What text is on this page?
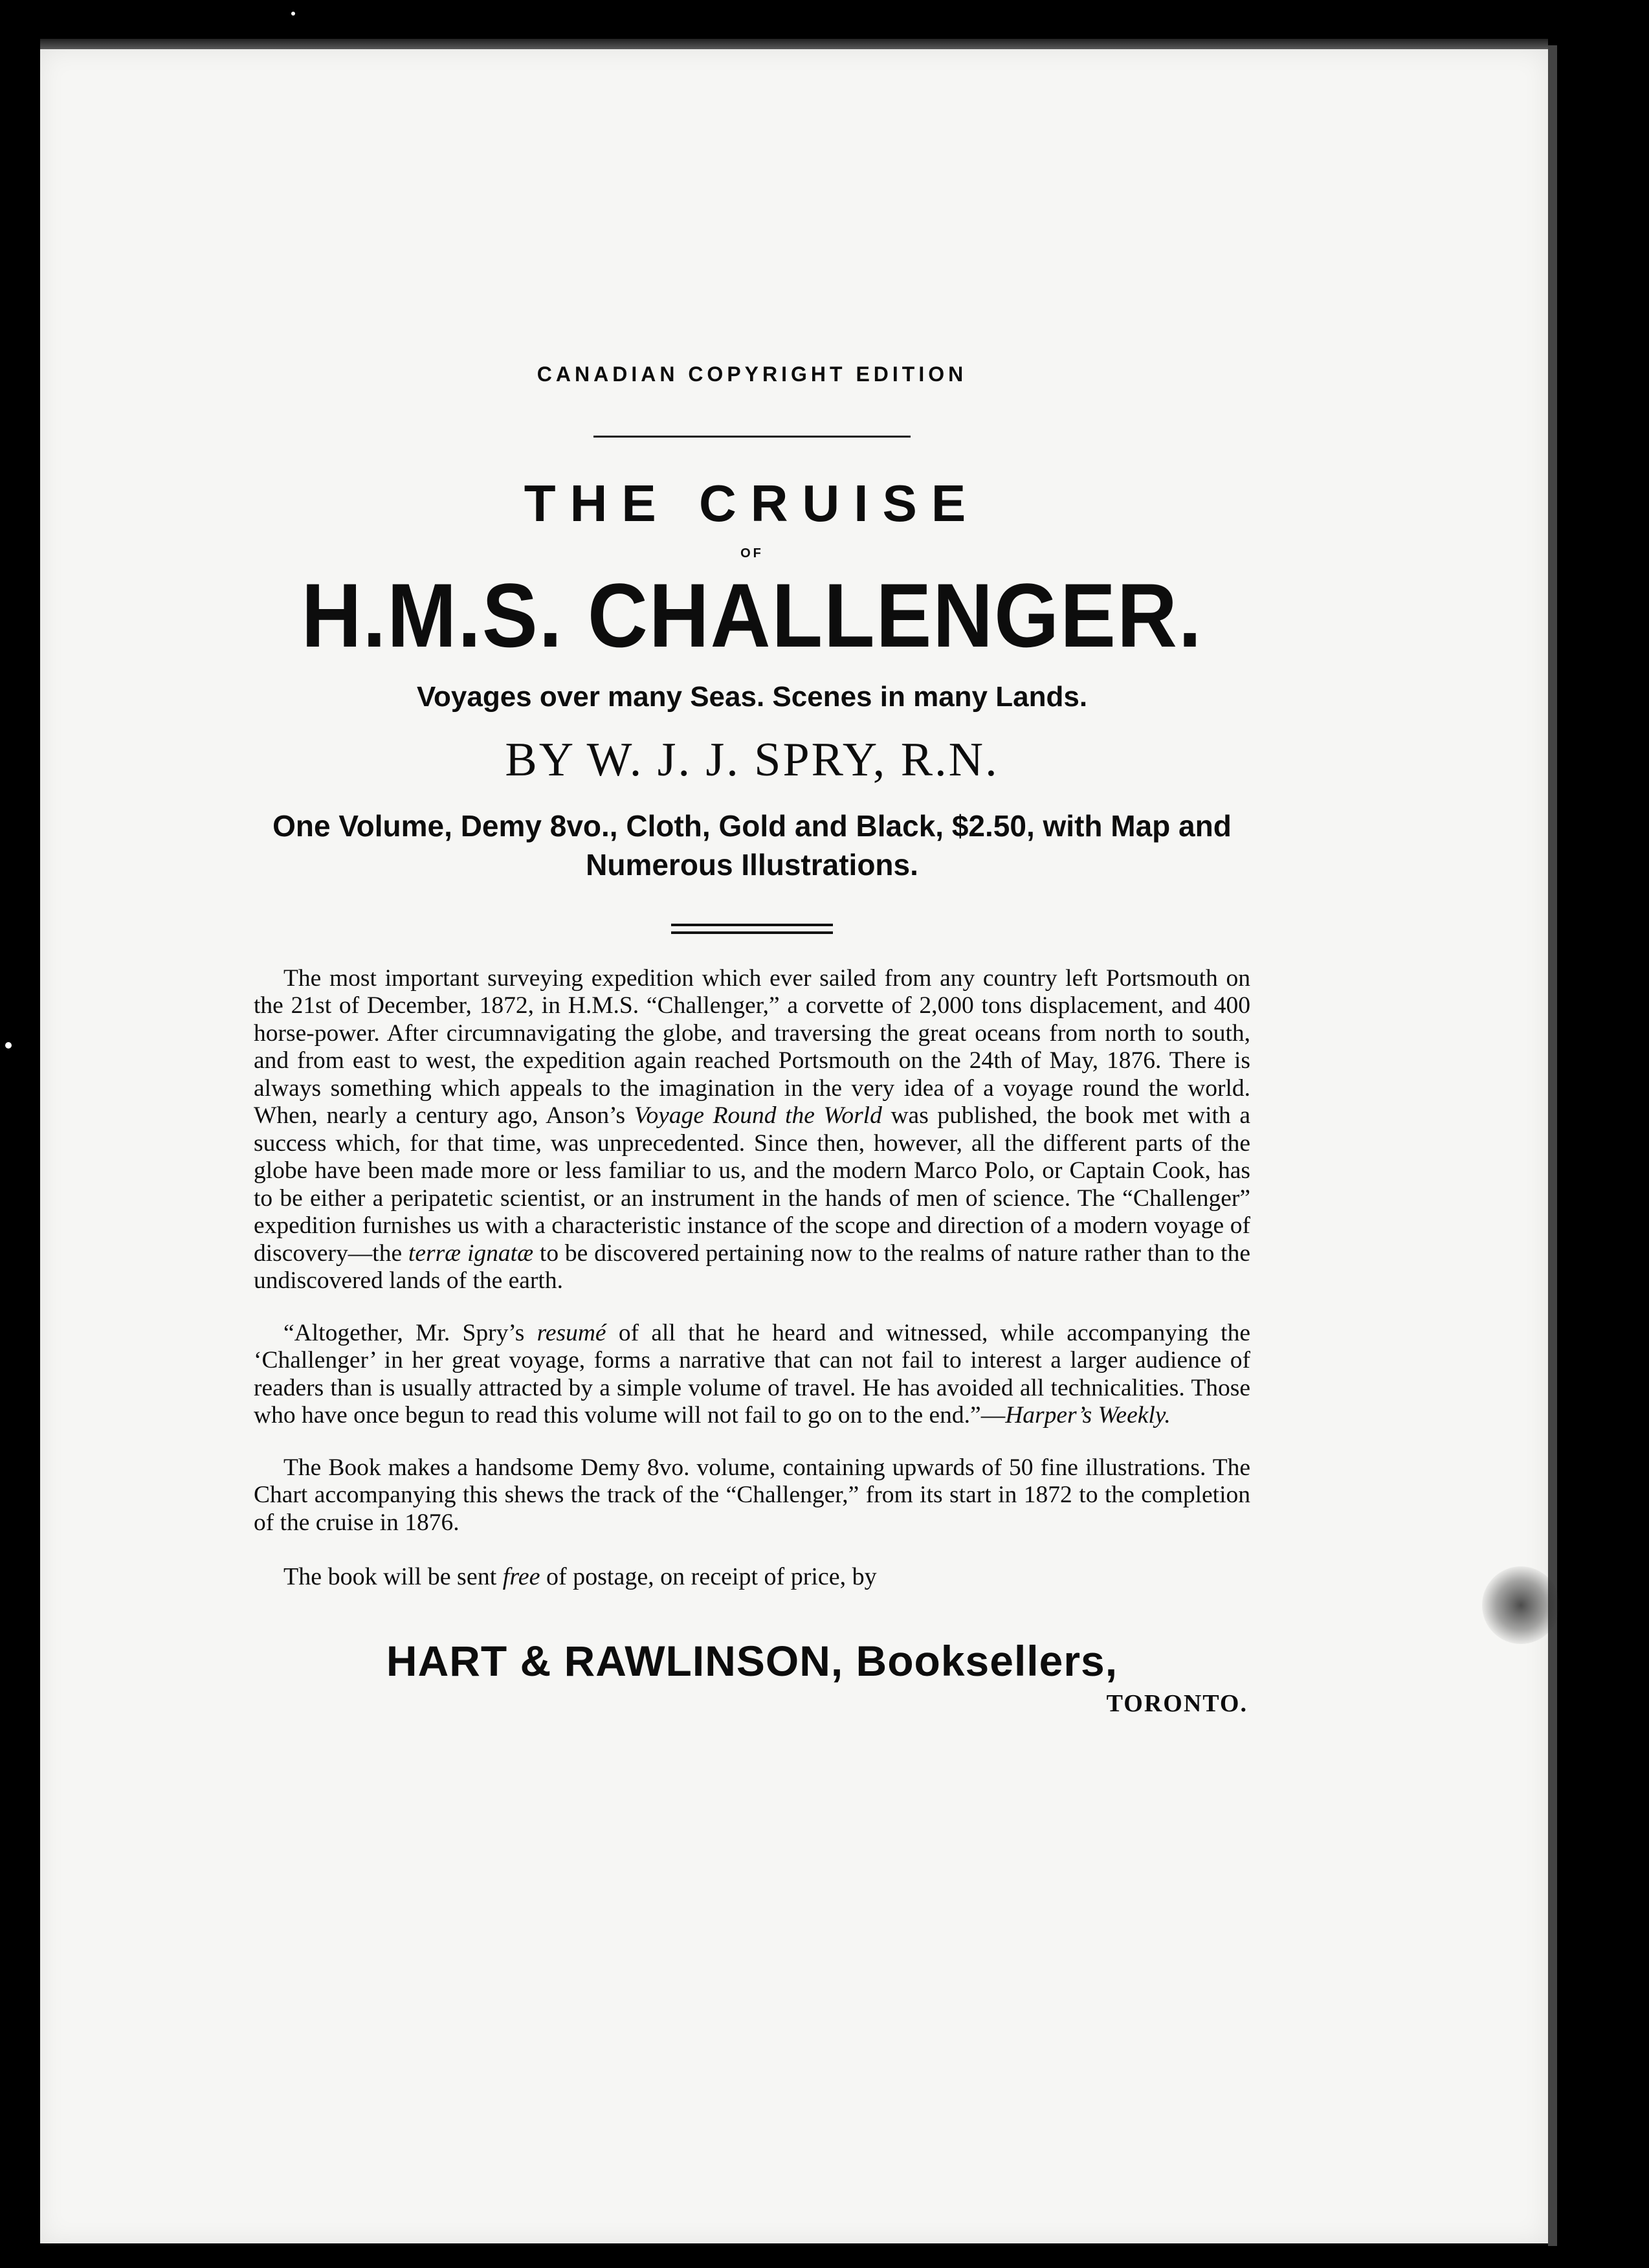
CANADIAN COPYRIGHT EDITION
THE CRUISE
OF
H.M.S. CHALLENGER.
Voyages over many Seas. Scenes in many Lands.
BY W. J. J. SPRY, R.N.
One Volume, Demy 8vo., Cloth, Gold and Black, $2.50, with Map and Numerous Illustrations.

The most important surveying expedition which ever sailed from any country left Portsmouth on the 21st of December, 1872, in H.M.S. “Challenger,” a corvette of 2,000 tons displacement, and 400 horse-power. After circumnavigating the globe, and traversing the great oceans from north to south, and from east to west, the expedition again reached Portsmouth on the 24th of May, 1876. There is always something which appeals to the imagination in the very idea of a voyage round the world. When, nearly a century ago, Anson’s Voyage Round the World was published, the book met with a success which, for that time, was unprecedented. Since then, however, all the different parts of the globe have been made more or less familiar to us, and the modern Marco Polo, or Captain Cook, has to be either a peripatetic scientist, or an instrument in the hands of men of science. The “Challenger” expedition furnishes us with a characteristic instance of the scope and direction of a modern voyage of discovery—the terræ ignatæ to be discovered pertaining now to the realms of nature rather than to the undiscovered lands of the earth.

“Altogether, Mr. Spry’s resumé of all that he heard and witnessed, while accompanying the ‘Challenger’ in her great voyage, forms a narrative that can not fail to interest a larger audience of readers than is usually attracted by a simple volume of travel. He has avoided all technicalities. Those who have once begun to read this volume will not fail to go on to the end.”—Harper’s Weekly.

The Book makes a handsome Demy 8vo. volume, containing upwards of 50 fine illustrations. The Chart accompanying this shews the track of the “Challenger,” from its start in 1872 to the completion of the cruise in 1876.

The book will be sent free of postage, on receipt of price, by
HART & RAWLINSON, Booksellers,
TORONTO.
